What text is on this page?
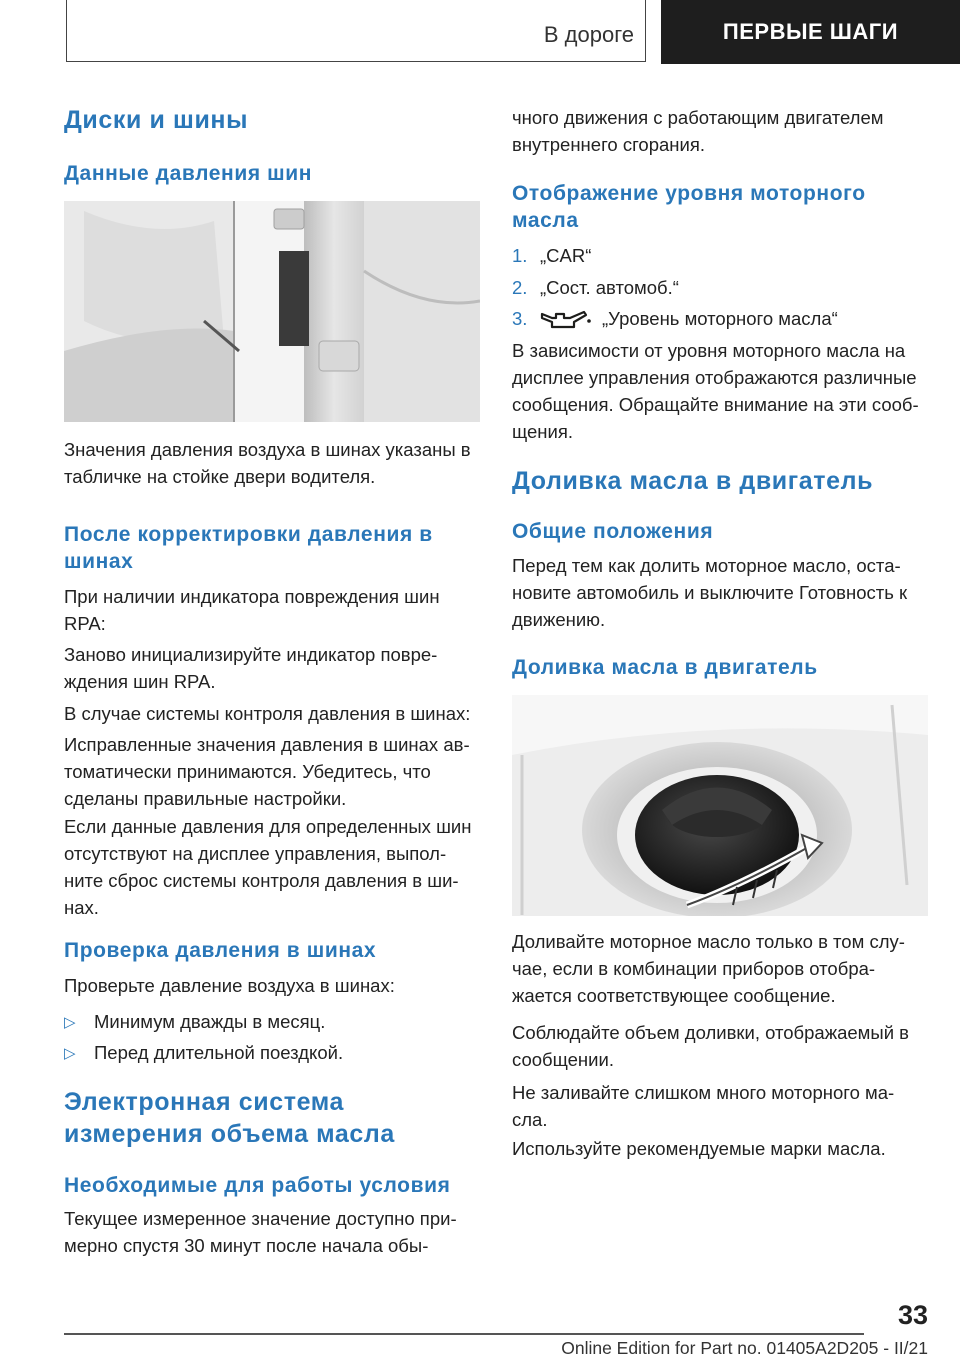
В дороге	ПЕРВЫЕ ШАГИ
Диски и шины
Данные давления шин

Значения давления воздуха в шинах указаны в табличке на стойке двери водителя.

После корректировки давления в шинах

При наличии индикатора повреждения шин RPA:

Заново инициализируйте индикатор повре-ждения шин RPA.

В случае системы контроля давления в шинах:

Исправленные значения давления в шинах ав-томатически принимаются. Убедитесь, что сделаны правильные настройки.

Если данные давления для определенных шин отсутствуют на дисплее управления, выпол-ните сброс системы контроля давления в ши-нах.

Проверка давления в шинах

Проверьте давление воздуха в шинах:

▷ Минимум дважды в месяц.
▷ Перед длительной поездкой.
Электронная система измерения объема масла
Необходимые для работы условия

Текущее измеренное значение доступно при-мерно спустя 30 минут после начала обы-

чного движения с работающим двигателем внутреннего сгорания.

Отображение уровня моторного масла
1. „CAR“
2. „Сост. автомоб.“
3.	„Уровень моторного масла“

В зависимости от уровня моторного масла на дисплее управления отображаются различные сообщения. Обращайте внимание на эти сооб-щения.

Доливка масла в двигатель
Общие положения

Перед тем как долить моторное масло, оста-новите автомобиль и выключите Готовность к движению.

Доливка масла в двигатель

Доливайте моторное масло только в том слу-чае, если в комбинации приборов отобра-жается соответствующее сообщение.

Соблюдайте объем доливки, отображаемый в сообщении.

Не заливайте слишком много моторного ма-сла.

Используйте рекомендуемые марки масла.

33
Online Edition for Part no. 01405A2D205 - II/21
